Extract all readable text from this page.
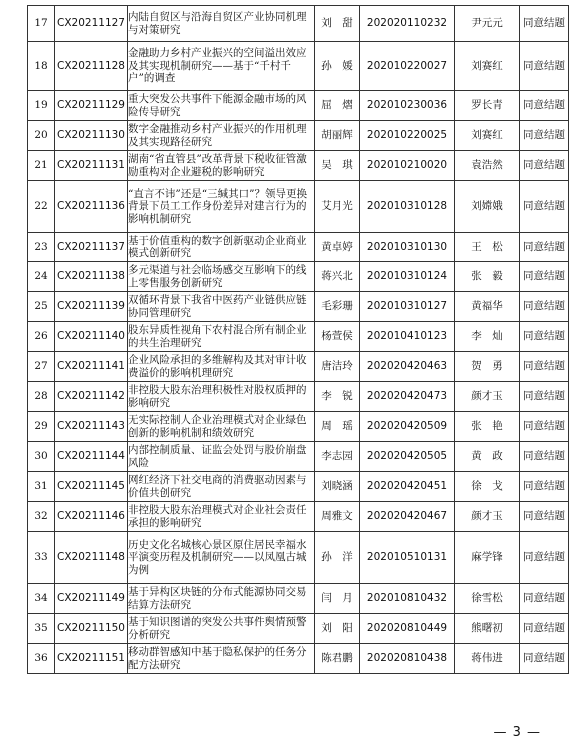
17	CX20211127	内陆自贸区与沿海自贸区产业协同机理与对策研究	刘　甜	202020110232	尹元元	同意结题
18	CX20211128	金融助力乡村产业振兴的空间溢出效应及其实现机制研究——基于“千村千户”的调查	孙　媛	202010220027	刘赛红	同意结题
19	CX20211129	重大突发公共事件下能源金融市场的风险传导研究	屈　熠	202010230036	罗长青	同意结题
20	CX20211130	数字金融推动乡村产业振兴的作用机理及其实现路径研究	胡丽辉	202010220025	刘赛红	同意结题
21	CX20211131	湖南“省直管县”改革背景下税收征管激励重构对企业避税的影响研究	吴　琪	202010210020	袁浩然	同意结题
22	CX20211136	“直言不讳”还是“三缄其口”？领导更换背景下员工工作身份差异对建言行为的影响机制研究	艾月光	202010310128	刘嫦娥	同意结题
23	CX20211137	基于价值重构的数字创新驱动企业商业模式创新研究	黄卓婷	202010310130	王　松	同意结题
24	CX20211138	多元渠道与社会临场感交互影响下的线上零售服务创新研究	蒋兴北	202010310124	张　毅	同意结题
25	CX20211139	双循环背景下我省中医药产业链供应链协同管理研究	毛彩珊	202010310127	黄福华	同意结题
26	CX20211140	股东异质性视角下农村混合所有制企业的共生治理研究	杨萱侯	202010410123	李　灿	同意结题
27	CX20211141	企业风险承担的多维解构及其对审计收费溢价的影响机理研究	唐洁玲	202020420463	贺　勇	同意结题
28	CX20211142	非控股大股东治理积极性对股权质押的影响研究	李　锐	202020420473	颜才玉	同意结题
29	CX20211143	无实际控制人企业治理模式对企业绿色创新的影响机制和绩效研究	周　瑶	202020420509	张　艳	同意结题
30	CX20211144	内部控制质量、证监会处罚与股价崩盘风险	李志园	202020420505	黄　政	同意结题
31	CX20211145	网红经济下社交电商的消费驱动因素与价值共创研究	刘晓涵	202020420451	徐　戈	同意结题
32	CX20211146	非控股大股东治理模式对企业社会责任承担的影响研究	周雅文	202020420467	颜才玉	同意结题
33	CX20211148	历史文化名城核心景区原住居民幸福水平演变历程及机制研究——以凤凰古城为例	孙　洋	202010510131	麻学锋	同意结题
34	CX20211149	基于异构区块链的分布式能源协同交易结算方法研究	闫　月	202010810432	徐雪松	同意结题
35	CX20211150	基于知识图谱的突发公共事件舆情预警分析研究	刘　阳	202020810449	熊曙初	同意结题
36	CX20211151	移动群智感知中基于隐私保护的任务分配方法研究	陈君鹏	202020810438	蒋伟进	同意结题
— 3 —
